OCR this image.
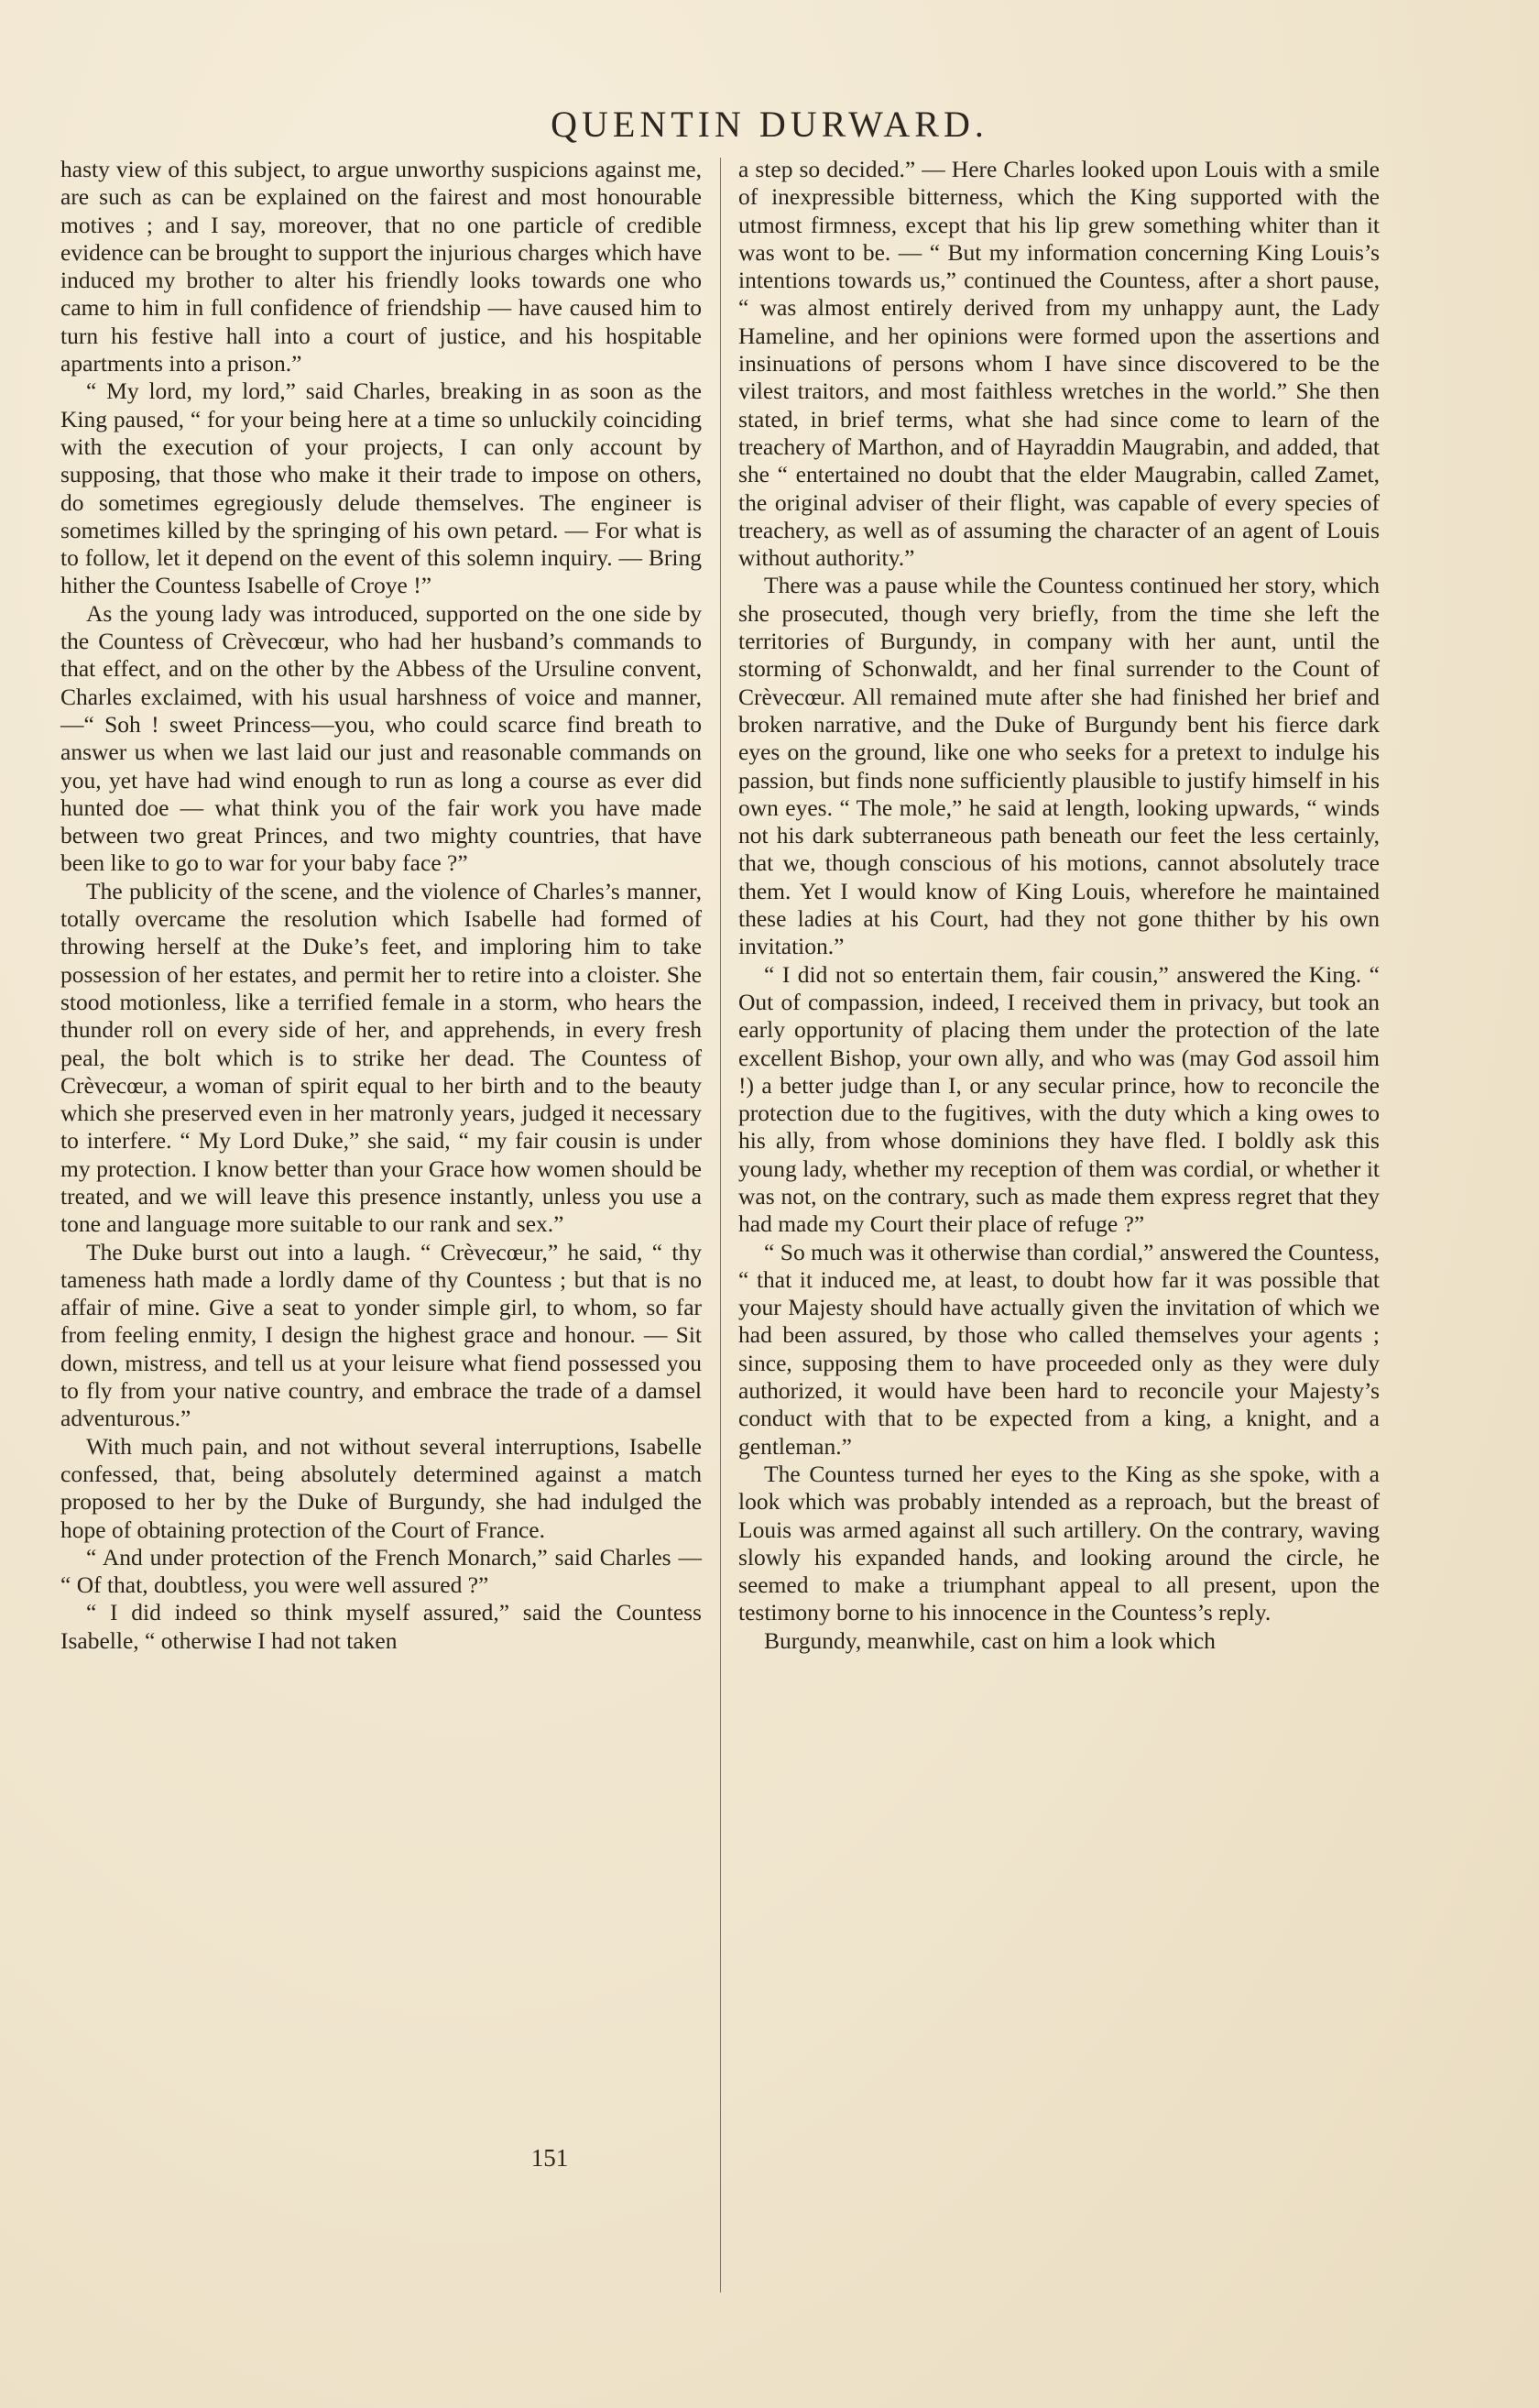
QUENTIN DURWARD.

hasty view of this subject, to argue unworthy suspicions against me, are such as can be explained on the fairest and most honourable motives ; and I say, moreover, that no one particle of credible evidence can be brought to support the injurious charges which have induced my brother to alter his friendly looks towards one who came to him in full confidence of friendship — have caused him to turn his festive hall into a court of justice, and his hospitable apartments into a prison.”

“ My lord, my lord,” said Charles, breaking in as soon as the King paused, “ for your being here at a time so unluckily coinciding with the execution of your projects, I can only account by supposing, that those who make it their trade to impose on others, do sometimes egregiously delude themselves. The engineer is sometimes killed by the springing of his own petard. — For what is to follow, let it depend on the event of this solemn inquiry. — Bring hither the Countess Isabelle of Croye !”

As the young lady was introduced, supported on the one side by the Countess of Crèvecœur, who had her husband’s commands to that effect, and on the other by the Abbess of the Ursuline convent, Charles exclaimed, with his usual harshness of voice and manner,—“ Soh ! sweet Princess—you, who could scarce find breath to answer us when we last laid our just and reasonable commands on you, yet have had wind enough to run as long a course as ever did hunted doe — what think you of the fair work you have made between two great Princes, and two mighty countries, that have been like to go to war for your baby face ?”

The publicity of the scene, and the violence of Charles’s manner, totally overcame the resolution which Isabelle had formed of throwing herself at the Duke’s feet, and imploring him to take possession of her estates, and permit her to retire into a cloister. She stood motionless, like a terrified female in a storm, who hears the thunder roll on every side of her, and apprehends, in every fresh peal, the bolt which is to strike her dead. The Countess of Crèvecœur, a woman of spirit equal to her birth and to the beauty which she preserved even in her matronly years, judged it necessary to interfere. “ My Lord Duke,” she said, “ my fair cousin is under my protection. I know better than your Grace how women should be treated, and we will leave this presence instantly, unless you use a tone and language more suitable to our rank and sex.”

The Duke burst out into a laugh. “ Crèvecœur,” he said, “ thy tameness hath made a lordly dame of thy Countess ; but that is no affair of mine. Give a seat to yonder simple girl, to whom, so far from feeling enmity, I design the highest grace and honour. — Sit down, mistress, and tell us at your leisure what fiend possessed you to fly from your native country, and embrace the trade of a damsel adventurous.”

With much pain, and not without several interruptions, Isabelle confessed, that, being absolutely determined against a match proposed to her by the Duke of Burgundy, she had indulged the hope of obtaining protection of the Court of France.

“ And under protection of the French Monarch,” said Charles — “ Of that, doubtless, you were well assured ?”

“ I did indeed so think myself assured,” said the Countess Isabelle, “ otherwise I had not taken

a step so decided.” — Here Charles looked upon Louis with a smile of inexpressible bitterness, which the King supported with the utmost firmness, except that his lip grew something whiter than it was wont to be. — “ But my information concerning King Louis’s intentions towards us,” continued the Countess, after a short pause, “ was almost entirely derived from my unhappy aunt, the Lady Hameline, and her opinions were formed upon the assertions and insinuations of persons whom I have since discovered to be the vilest traitors, and most faithless wretches in the world.” She then stated, in brief terms, what she had since come to learn of the treachery of Marthon, and of Hayraddin Maugrabin, and added, that she “ entertained no doubt that the elder Maugrabin, called Zamet, the original adviser of their flight, was capable of every species of treachery, as well as of assuming the character of an agent of Louis without authority.”

There was a pause while the Countess continued her story, which she prosecuted, though very briefly, from the time she left the territories of Burgundy, in company with her aunt, until the storming of Schonwaldt, and her final surrender to the Count of Crèvecœur. All remained mute after she had finished her brief and broken narrative, and the Duke of Burgundy bent his fierce dark eyes on the ground, like one who seeks for a pretext to indulge his passion, but finds none sufficiently plausible to justify himself in his own eyes. “ The mole,” he said at length, looking upwards, “ winds not his dark subterraneous path beneath our feet the less certainly, that we, though conscious of his motions, cannot absolutely trace them. Yet I would know of King Louis, wherefore he maintained these ladies at his Court, had they not gone thither by his own invitation.”

“ I did not so entertain them, fair cousin,” answered the King. “ Out of compassion, indeed, I received them in privacy, but took an early opportunity of placing them under the protection of the late excellent Bishop, your own ally, and who was (may God assoil him !) a better judge than I, or any secular prince, how to reconcile the protection due to the fugitives, with the duty which a king owes to his ally, from whose dominions they have fled. I boldly ask this young lady, whether my reception of them was cordial, or whether it was not, on the contrary, such as made them express regret that they had made my Court their place of refuge ?”

“ So much was it otherwise than cordial,” answered the Countess, “ that it induced me, at least, to doubt how far it was possible that your Majesty should have actually given the invitation of which we had been assured, by those who called themselves your agents ; since, supposing them to have proceeded only as they were duly authorized, it would have been hard to reconcile your Majesty’s conduct with that to be expected from a king, a knight, and a gentleman.”

The Countess turned her eyes to the King as she spoke, with a look which was probably intended as a reproach, but the breast of Louis was armed against all such artillery. On the contrary, waving slowly his expanded hands, and looking around the circle, he seemed to make a triumphant appeal to all present, upon the testimony borne to his innocence in the Countess’s reply.

Burgundy, meanwhile, cast on him a look which

151
